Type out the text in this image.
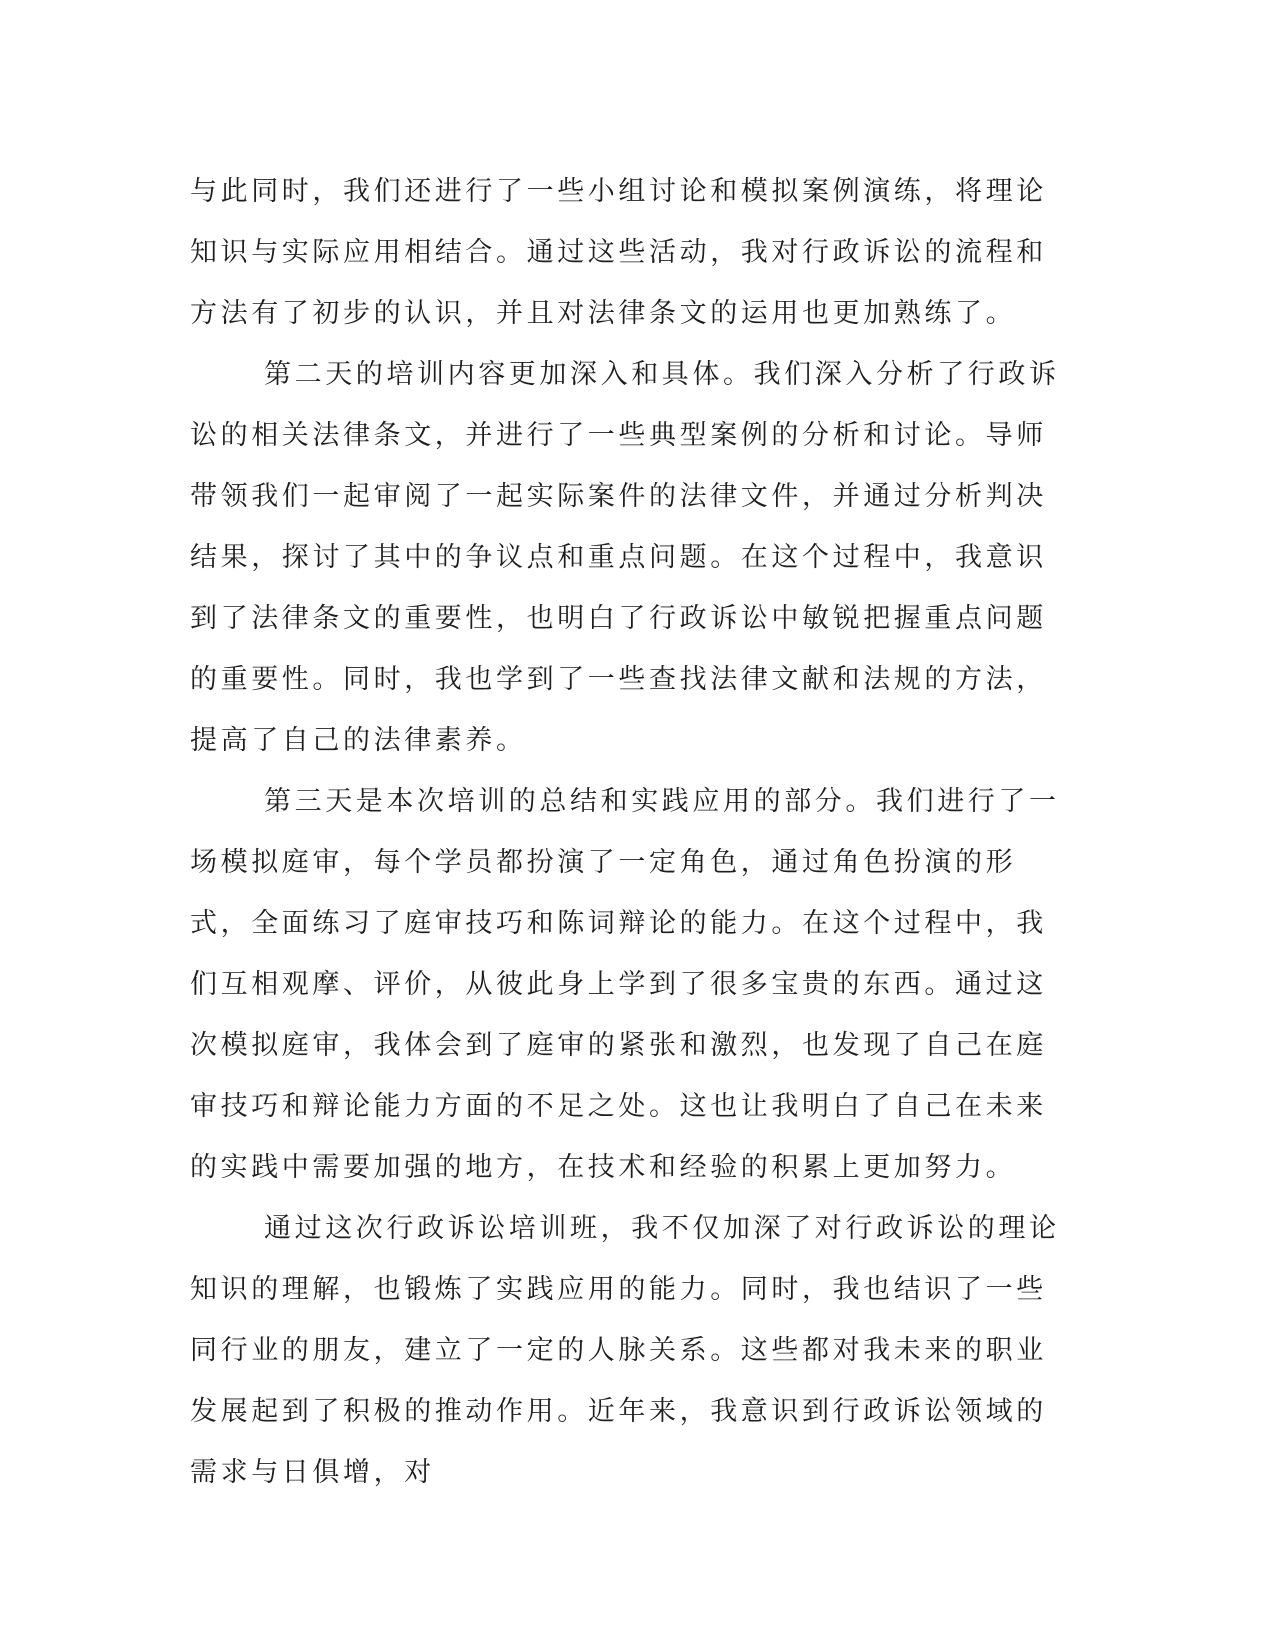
与此同时，我们还进行了一些小组讨论和模拟案例演练，将理论知识与实际应用相结合。通过这些活动，我对行政诉讼的流程和方法有了初步的认识，并且对法律条文的运用也更加熟练了。

第二天的培训内容更加深入和具体。我们深入分析了行政诉讼的相关法律条文，并进行了一些典型案例的分析和讨论。导师带领我们一起审阅了一起实际案件的法律文件，并通过分析判决结果，探讨了其中的争议点和重点问题。在这个过程中，我意识到了法律条文的重要性，也明白了行政诉讼中敏锐把握重点问题的重要性。同时，我也学到了一些查找法律文献和法规的方法，提高了自己的法律素养。

第三天是本次培训的总结和实践应用的部分。我们进行了一场模拟庭审，每个学员都扮演了一定角色，通过角色扮演的形式，全面练习了庭审技巧和陈词辩论的能力。在这个过程中，我们互相观摩、评价，从彼此身上学到了很多宝贵的东西。通过这次模拟庭审，我体会到了庭审的紧张和激烈，也发现了自己在庭审技巧和辩论能力方面的不足之处。这也让我明白了自己在未来的实践中需要加强的地方，在技术和经验的积累上更加努力。

通过这次行政诉讼培训班，我不仅加深了对行政诉讼的理论知识的理解，也锻炼了实践应用的能力。同时，我也结识了一些同行业的朋友，建立了一定的人脉关系。这些都对我未来的职业发展起到了积极的推动作用。近年来，我意识到行政诉讼领域的需求与日俱增，对
